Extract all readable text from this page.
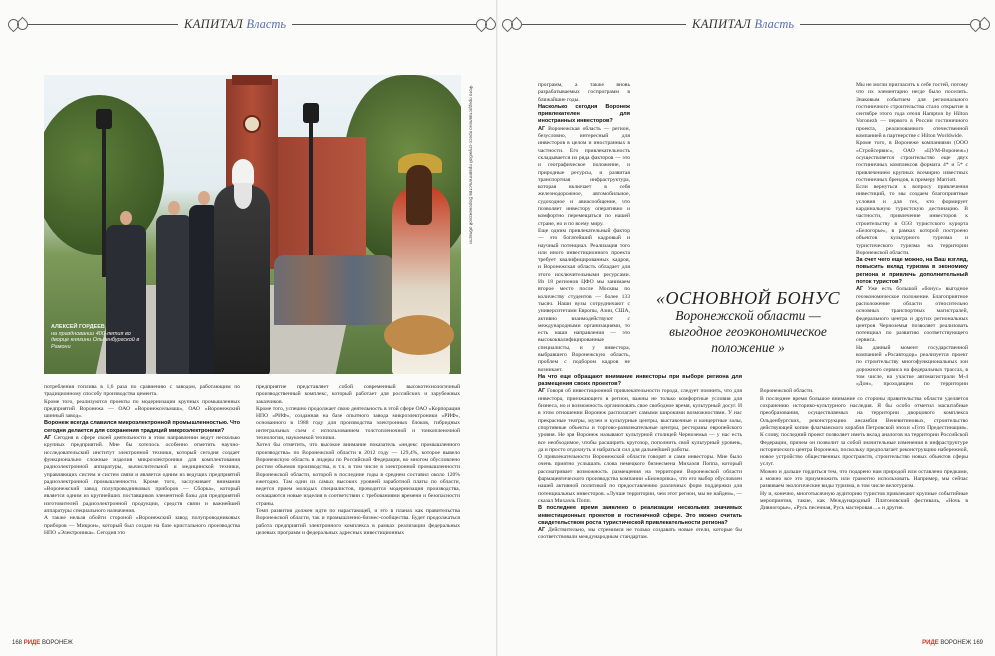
КАПИТАЛ Власть
АЛЕКСЕЙ ГОРДЕЕВ
на праздновании 400-летия во дворце княгини Ольденбургской в Рамони
Фото предоставлено пресс-службой правительства Воронежской области

потребления топлива в 1,6 раза по сравнению с заводом, работающим по традиционному способу производства цемента.

Кроме того, реализуются проекты по модернизации крупных промышленных предприятий Воронежа — ОАО «Воронежсельмаш», ОАО «Воронежский шинный завод».

Воронеж всегда славился микроэлектронной промышленностью. Что сегодня делается для сохранения традиций микроэлектроники?

АГ Сегодня в сфере своей деятельности в этом направлении ведут несколько крупных предприятий. Мне бы хотелось особенно отметить научно-исследовательский институт электронной техники, который сегодня создает функционально сложные изделия микроэлектроники для комплектования радиоэлектронной аппаратуры, вычислительной и медицинской техники, управляющих систем и систем связи и является одним из ведущих предприятий радиоэлектронной промышленности. Кроме того, заслуживает внимания «Воронежский завод полупроводниковых приборов — Сборка», который является одним из крупнейших поставщиков элементной базы для предприятий изготовителей радиоэлектронной продукции, средств связи и важнейшей аппаратуры специального назначения.

А также нельзя обойти стороной «Воронежский завод полупроводниковых приборов — Микрон», который был создан на базе кристального производства НПО «Электроника». Сегодня это

предприятие представляет собой современный высокотехнологичный производственный комплекс, который работает для российских и зарубежных заказчиков.

Кроме того, успешно продолжает свою деятельность в этой сфере ОАО «Корпорация НПО «РИФ», созданная на базе опытного завода микроэлектроники «РИФ», основанного в 1988 году для производства электронных блоков, гибридных интегральных схем с использованием толстопленочной и тонкопленочной технологии, наукоемкой техники.

Хотел бы отметить, что высокое внимание показатель «индекс промышленного производства» по Воронежской области в 2012 году — 129,4%, которое вывело Воронежскую область в лидеры по Российской Федерации, во многом обусловлено ростом объемов производства, в т.ч. в том числе в электронной промышленности Воронежской области, которой в последние годы в среднем составил около 120% ежегодно. Там одни из самых высоких уровней заработной платы по области, ведется прием молодых специалистов, проводится модернизация производства, оснащаются новые изделия в соответствии с требованиями времени и безопасности страны.

Темп развития должен идти по нарастающей, и это в планах как правительства Воронежской области, так и промышленно-бизнес-сообщества. Будет продолжаться работа предприятий электронного комплекса в рамках реализации федеральных целевых программ и федеральных адресных инвестиционных

168 РИДЕ ВОРОНЕЖ
КАПИТАЛ Власть

программ, а также вновь разрабатываемых госпрограмм в ближайшие годы.

Насколько сегодня Воронеж привлекателен для иностранных инвесторов?

АГ Воронежская область — регион, безусловно, интересный для инвесторов в целом и иностранных в частности. Его привлекательность складывается из ряда факторов — это и географическое положение, и природные ресурсы, и развитая транспортная инфраструктура, которая включает в себя железнодорожное, автомобильное, судоходное и авиасообщение, что позволяет инвестору оперативно и комфортно перемещаться по нашей стране, но и по всему миру.

Еще одним привлекательный фактор — это богатейший кадровый и научный потенциал. Реализация того или иного инвестиционного проекта требует квалифицированных кадров, и Воронежская область обладает для этого исключительными ресурсами. Из 18 регионов ЦФО мы занимаем второе место после Москвы по количеству студентов — более 133 тысяч. Наши вузы сотрудничают с университетами Европы, Азии, США, активно взаимодействуют с международными организациями, то есть наши направления — это высококвалифицированные специалисты, и у инвестора, выбравшего Воронежскую область, проблем с подбором кадров не возникает.

На что еще обращают внимание инвесторы при выборе региона для размещения своих проектов?

АГ Говоря об инвестиционной привлекательности города, следует помнить, что для инвестора, приезжающего в регион, важны не только комфортные условия для бизнеса, но и возможность организовать свое свободное время, культурный досуг. И в этом отношении Воронеж располагает самыми широкими возможностями. У нас прекрасные театры, музеи и культурные центры, выставочные и концертные залы, спортивные объекты и торгово-развлекательные центры, рестораны европейского уровня. Не зря Воронеж называют культурной столицей Черноземья — у нас есть все необходимое, чтобы расширить кругозор, пополнить свой культурный уровень, да и просто отдохнуть и набраться сил для дальнейшей работы.

О привлекательности Воронежской области говорят и сами инвесторы. Мне было очень приятно услышать слова немецкого бизнесмена Михаэля Поппа, который рассматривает возможность размещения на территории Воронежской области фармацевтического производства компании «Бионорика», что его выбор обусловлен нашей активной политикой по предоставлению различных форм поддержки для потенциальных инвесторов. «Лучше территории, чем этот регион, мы не найдем», — сказал Михаэль Попп.

В последнее время заявлено о реализации нескольких значимых инвестиционных проектов в гостиничной сфере. Это можно считать свидетельством роста туристической привлекательности региона?

АГ Действительно, мы стремимся не только создавать новые отели, которые бы соответствовали международным стандартам.

Мы не могли пригласить к себе гостей, потому что их элементарно негде было поселить. Знаковым событием для регионального гостиничного строительства стало открытие в сентябре этого года отеля Hampton by Hilton Voronezh — первого в России гостиничного проекта, реализованного отечественной компанией в партнерстве с Hilton Worldwide.

Кроме того, в Воронеже компаниями (ООО «Стройсервис», ОАО «ЦУМ-Воронеж») осуществляется строительство еще двух гостиничных комплексов формата 4* и 5* с привлечением крупных всемирно известных гостиничных брендов, в примеру Marriott.

Если вернуться к вопросу привлечения инвестиций, то мы создаем благоприятные условия и для тех, кто формирует кардинальную туристскую дестинацию. В частности, привлечение инвесторов к строительству в ОЭЗ туристского курорта «Белогорье», в рамках которой построено объектов культурного туризма и туристического туризма на территории Воронежской области.

За счет чего еще можно, на Ваш взгляд, повысить вклад туризма в экономику региона и привлечь дополнительный поток туристов?

АГ Уже есть большой «бонус» выгодное геоэкономическое положение. Благоприятное расположение области относительно основных транспортных магистралей, федерального центра и других региональных центров Черноземья позволяет реализовать потенциал по развитию соответствующего сервиса.

На данный момент государственной компанией «Росавтодор» реализуется проект по строительству многофункциональных зон дорожного сервиса на федеральных трассах, в том числе, на участке автомагистрали М-4 «Дон», проходящем по территории Воронежской области.

В последнее время большое внимание со стороны правительства области уделяется сохранению историко-культурного наследия. Я бы особо отметил масштабные преобразования, осуществляемых на территории дворцового комплекса Ольденбургских, реконструкцию ансамбля Веневитиновых, строительство действующей копии флагманского корабля Петровской эпохи «Гото Предестинация». К слову, последний проект позволяет иметь вклад аналогов на территории Российской Федерации, причем он позволит за собой значительные изменения в инфраструктуре исторического центра Воронежа, поскольку предполагает реконструкцию набережной, новое устройство общественных пространств, строительство новых объектов сферы услуг.

Можно и дальше гордиться тем, что подарено нам природой или оставлено предками, а можно все это приумножить или грамотно использовать. Например, мы сейчас развиваем экологические виды туризма, в том числе велотуризм.

Ну и, конечно, многотысячную аудиторию туристов привлекают крупные событийные мероприятия, такие, как Международный Платоновский фестиваль, «Ночь в Дивногорье», «Русь песенная, Русь мастеровая…» и другие.

«ОСНОВНОЙ БОНУС
Воронежской области — выгодное геоэкономическое положение »
РИДЕ ВОРОНЕЖ 169
